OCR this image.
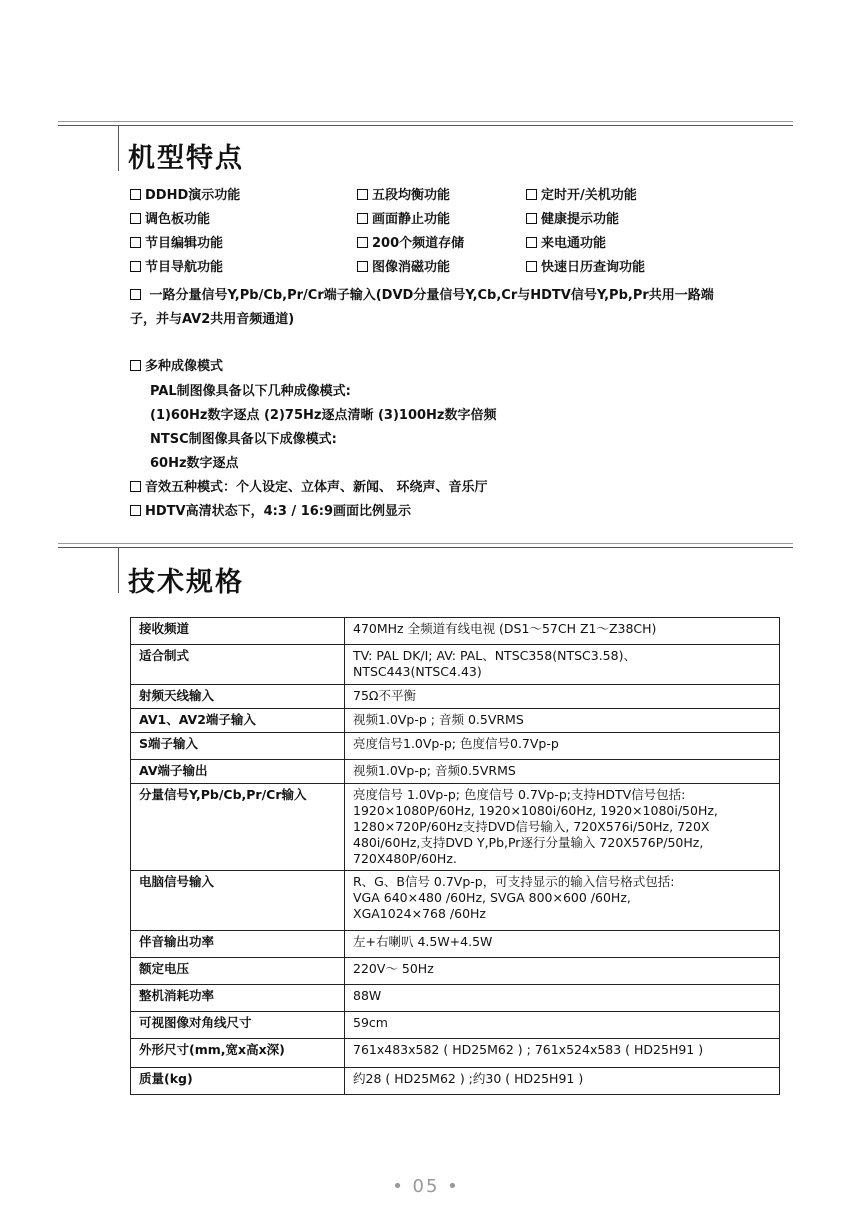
机型特点
DDHD演示功能	五段均衡功能	定时开/关机功能
调色板功能	画面静止功能	健康提示功能
节目编辑功能	200个频道存储	来电通功能
节目导航功能	图像消磁功能	快速日历查询功能
一路分量信号Y,Pb/Cb,Pr/Cr端子输入(DVD分量信号Y,Cb,Cr与HDTV信号Y,Pb,Pr共用一路端
子，并与AV2共用音频通道)
多种成像模式
PAL制图像具备以下几种成像模式:
(1)60Hz数字逐点 (2)75Hz逐点清晰 (3)100Hz数字倍频
NTSC制图像具备以下成像模式:
60Hz数字逐点
音效五种模式：个人设定、立体声、新闻、 环绕声、音乐厅
HDTV高清状态下，4:3 / 16:9画面比例显示
技术规格
接收频道	470MHz 全频道有线电视 (DS1～57CH Z1～Z38CH)
适合制式	TV: PAL DK/I; AV: PAL、NTSC358(NTSC3.58)、
NTSC443(NTSC4.43)
射频天线输入	75Ω不平衡
AV1、AV2端子输入	视频1.0Vp-p ; 音频 0.5VRMS
S端子输入	亮度信号1.0Vp-p; 色度信号0.7Vp-p
AV端子输出	视频1.0Vp-p; 音频0.5VRMS
分量信号Y,Pb/Cb,Pr/Cr输入	亮度信号 1.0Vp-p; 色度信号 0.7Vp-p;支持HDTV信号包括:
1920×1080P/60Hz, 1920×1080i/60Hz, 1920×1080i/50Hz,
1280×720P/60Hz支持DVD信号输入, 720X576i/50Hz, 720X
480i/60Hz,支持DVD Y,Pb,Pr逐行分量输入 720X576P/50Hz,
720X480P/60Hz.
电脑信号输入	R、G、B信号 0.7Vp-p，可支持显示的输入信号格式包括:
VGA 640×480 /60Hz, SVGA 800×600 /60Hz,
XGA1024×768 /60Hz
伴音输出功率	左+右喇叭 4.5W+4.5W
额定电压	220V～ 50Hz
整机消耗功率	88W
可视图像对角线尺寸	59cm
外形尺寸(mm,宽x高x深)	761x483x582 ( HD25M62 ) ; 761x524x583 ( HD25H91 )
质量(kg)	约28 ( HD25M62 ) ;约30 ( HD25H91 )
• 05 •
